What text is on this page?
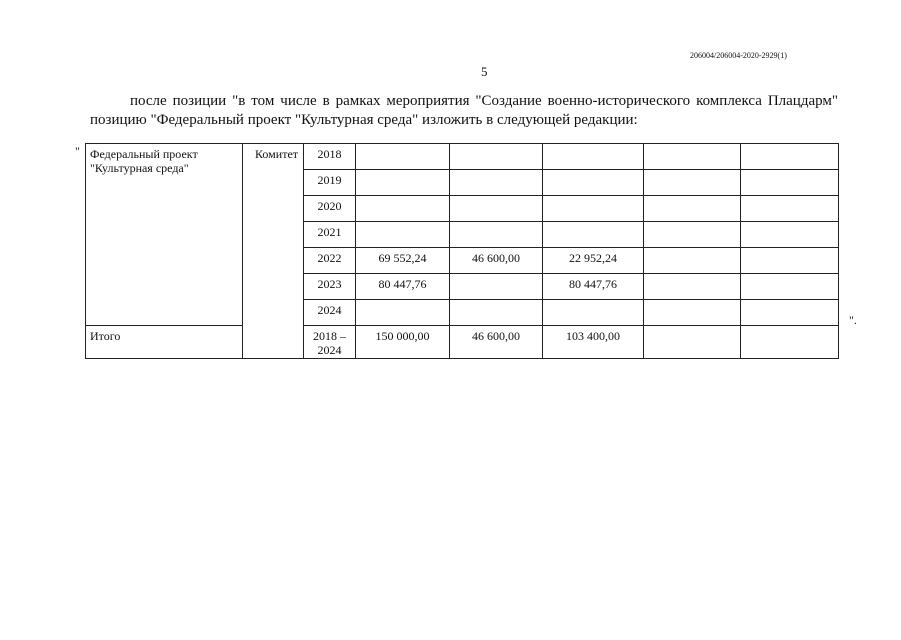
206004/206004-2020-2929(1)
5

после позиции "в том числе в рамках мероприятия "Создание военно-исторического комплекса Плацдарм"
позицию "Федеральный проект "Культурная среда" изложить в следующей редакции:

"
".
Федеральный проект "Культурная среда"	Комитет	2018					
		2019					
		2020					
		2021					
		2022	69 552,24	46 600,00	22 952,24		
		2023	80 447,76		80 447,76		
		2024					
Итого		2018 – 2024	150 000,00	46 600,00	103 400,00		
